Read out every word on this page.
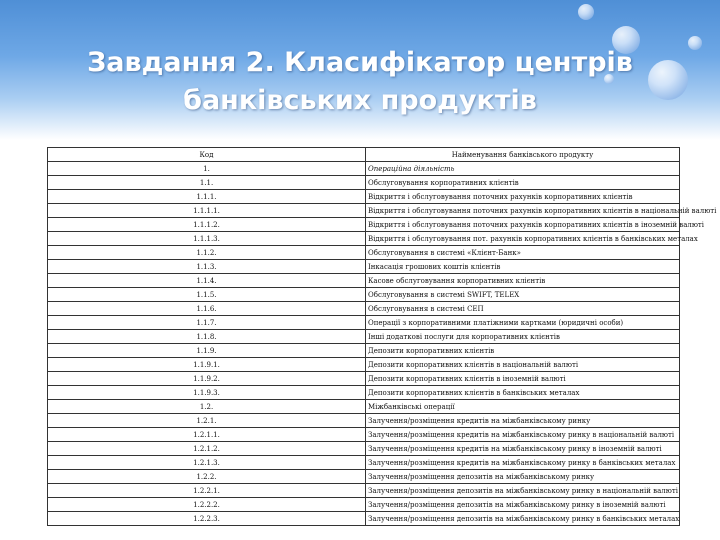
Завдання 2. Класифікатор центрів
банківських продуктів
Код	Найменування банківського продукту
1.	Операційна діяльність
1.1.	Обслуговування корпоративних клієнтів
1.1.1.	Відкриття і обслуговування поточних рахунків корпоративних клієнтів
1.1.1.1.	Відкриття і обслуговування поточних рахунків корпоративних клієнтів в національній валюті
1.1.1.2.	Відкриття і обслуговування поточних рахунків корпоративних клієнтів в іноземній валюті
1.1.1.3.	Відкриття і обслуговування пот. рахунків корпоративних клієнтів в банківських металах
1.1.2.	Обслуговування в системі «Клієнт-Банк»
1.1.3.	Інкасація грошових коштів клієнтів
1.1.4.	Касове обслуговування корпоративних клієнтів
1.1.5.	Обслуговування в системі SWIFT, TELEX
1.1.6.	Обслуговування в системі СЕП
1.1.7.	Операції з корпоративними платіжними картками (юридичні особи)
1.1.8.	Інші додаткові послуги для корпоративних клієнтів
1.1.9.	Депозити корпоративних клієнтів
1.1.9.1.	Депозити корпоративних клієнтів в національній валюті
1.1.9.2.	Депозити корпоративних клієнтів в іноземній валюті
1.1.9.3.	Депозити корпоративних клієнтів в банківських металах
1.2.	Міжбанківські операції
1.2.1.	Залучення/розміщення кредитів на міжбанківському ринку
1.2.1.1.	Залучення/розміщення кредитів на міжбанківському ринку в національній валюті
1.2.1.2.	Залучення/розміщення кредитів на міжбанківському ринку в іноземній валюті
1.2.1.3.	Залучення/розміщення кредитів на міжбанківському ринку в банківських металах
1.2.2.	Залучення/розміщення депозитів на міжбанківському ринку
1.2.2.1.	Залучення/розміщення депозитів на міжбанківському ринку в національній валюті
1.2.2.2.	Залучення/розміщення депозитів на міжбанківському ринку в іноземній валюті
1.2.2.3.	Залучення/розміщення депозитів на міжбанківському ринку в банківських металах
